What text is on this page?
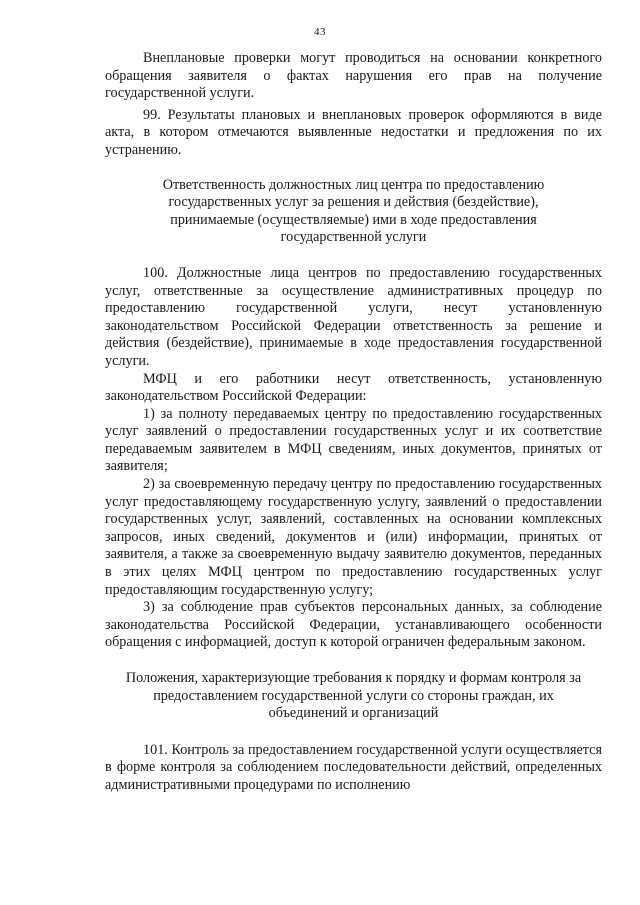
43

Внеплановые проверки могут проводиться на основании конкретного обращения заявителя о фактах нарушения его прав на получение государственной услуги.

99. Результаты плановых и внеплановых проверок оформляются в виде акта, в котором отмечаются выявленные недостатки и предложения по их устранению.

Ответственность должностных лиц центра по предоставлению государственных услуг за решения и действия (бездействие), принимаемые (осуществляемые) ими в ходе предоставления государственной услуги

100. Должностные лица центров по предоставлению государственных услуг, ответственные за осуществление административных процедур по предоставлению государственной услуги, несут установленную законодательством Российской Федерации ответственность за решение и действия (бездействие), принимаемые в ходе предоставления государственной услуги.

МФЦ и его работники несут ответственность, установленную законодательством Российской Федерации:

1) за полноту передаваемых центру по предоставлению государственных услуг заявлений о предоставлении государственных услуг и их соответствие передаваемым заявителем в МФЦ сведениям, иных документов, принятых от заявителя;

2) за своевременную передачу центру по предоставлению государственных услуг предоставляющему государственную услугу, заявлений о предоставлении государственных услуг, заявлений, составленных на основании комплексных запросов, иных сведений, документов и (или) информации, принятых от заявителя, а также за своевременную выдачу заявителю документов, переданных в этих целях МФЦ центром по предоставлению государственных услуг предоставляющим государственную услугу;

3) за соблюдение прав субъектов персональных данных, за соблюдение законодательства Российской Федерации, устанавливающего особенности обращения с информацией, доступ к которой ограничен федеральным законом.

Положения, характеризующие требования к порядку и формам контроля за предоставлением государственной услуги со стороны граждан, их объединений и организаций

101. Контроль за предоставлением государственной услуги осуществляется в форме контроля за соблюдением последовательности действий, определенных административными процедурами по исполнению
